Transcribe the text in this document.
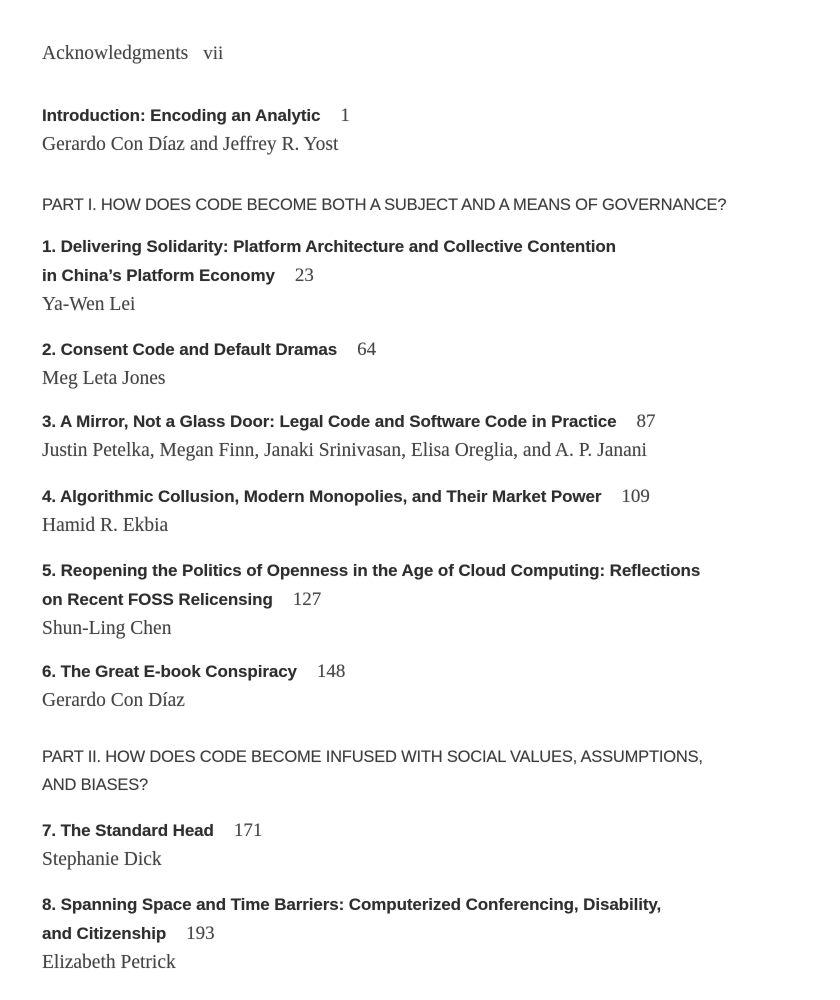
Acknowledgments vii
Introduction: Encoding an Analytic 1
Gerardo Con Díaz and Jeffrey R. Yost
PART I. HOW DOES CODE BECOME BOTH A SUBJECT AND A MEANS OF GOVERNANCE?
1. Delivering Solidarity: Platform Architecture and Collective Contention
in China’s Platform Economy 23
Ya-Wen Lei
2. Consent Code and Default Dramas 64
Meg Leta Jones
3. A Mirror, Not a Glass Door: Legal Code and Software Code in Practice 87
Justin Petelka, Megan Finn, Janaki Srinivasan, Elisa Oreglia, and A. P. Janani
4. Algorithmic Collusion, Modern Monopolies, and Their Market Power 109
Hamid R. Ekbia
5. Reopening the Politics of Openness in the Age of Cloud Computing: Reflections
on Recent FOSS Relicensing 127
Shun-Ling Chen
6. The Great E-book Conspiracy 148
Gerardo Con Díaz
PART II. HOW DOES CODE BECOME INFUSED WITH SOCIAL VALUES, ASSUMPTIONS,
AND BIASES?
7. The Standard Head 171
Stephanie Dick
8. Spanning Space and Time Barriers: Computerized Conferencing, Disability,
and Citizenship 193
Elizabeth Petrick
